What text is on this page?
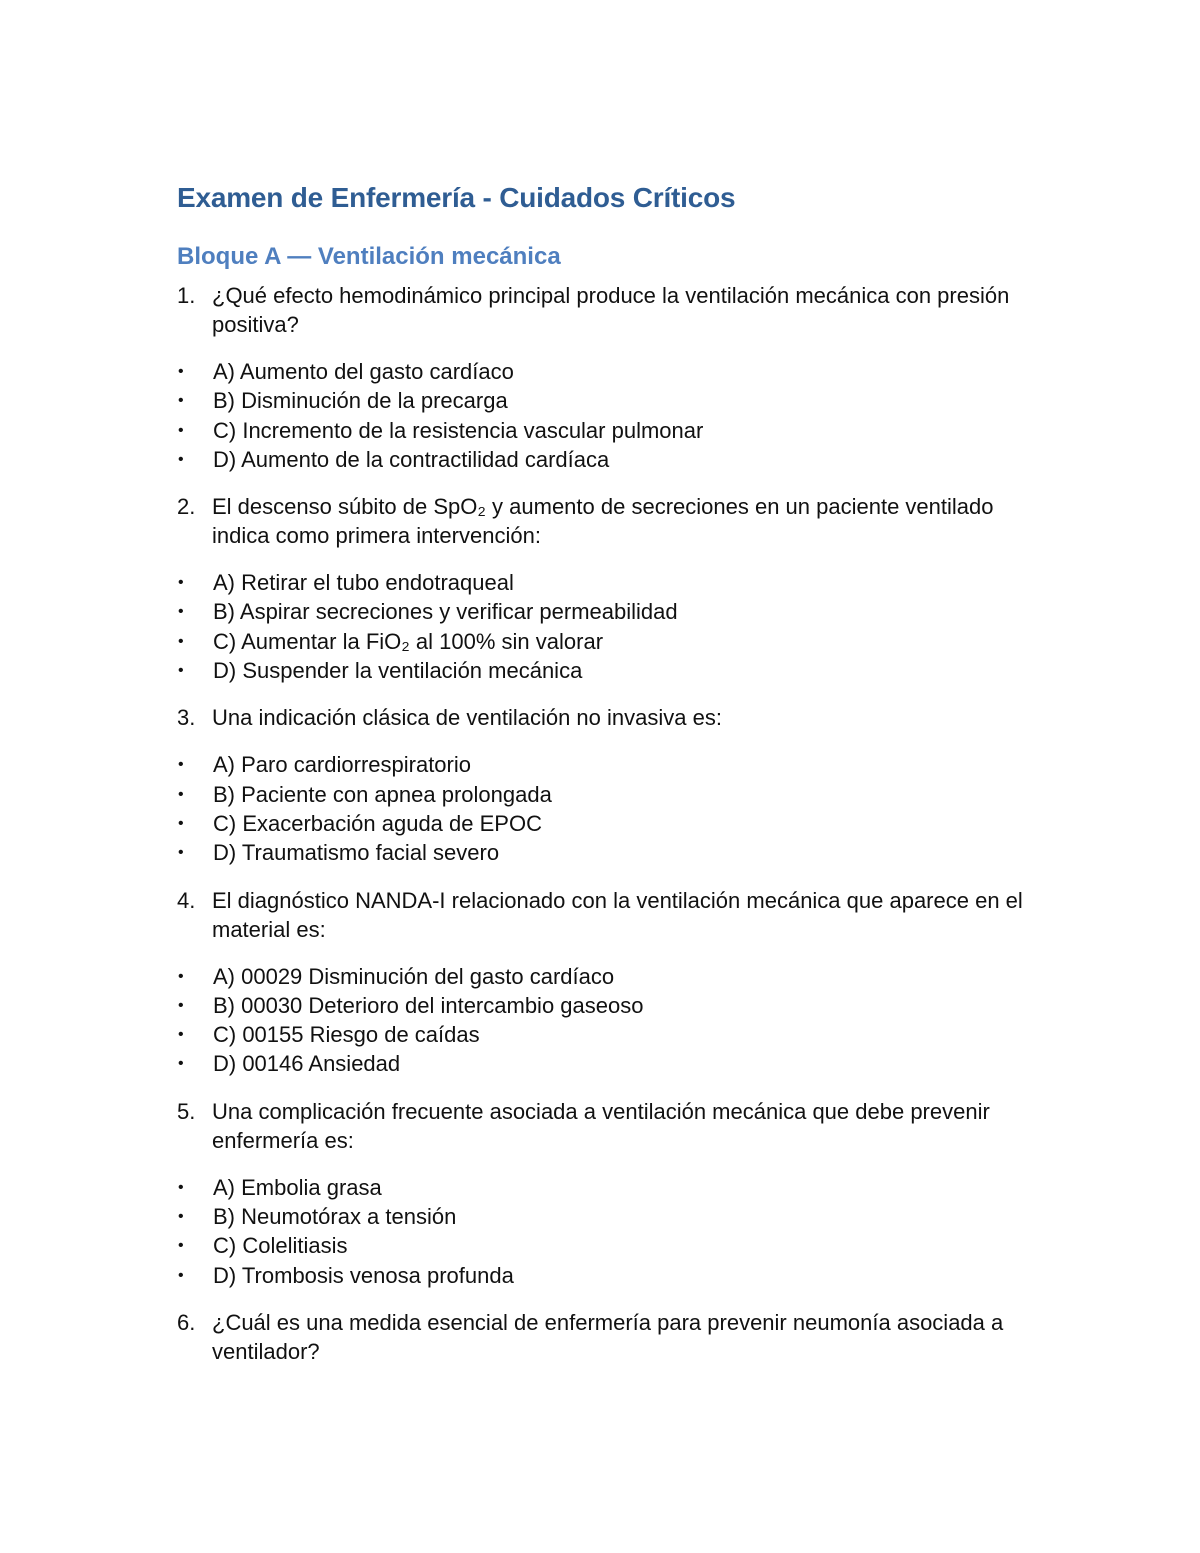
Examen de Enfermería - Cuidados Críticos
Bloque A — Ventilación mecánica
1. ¿Qué efecto hemodinámico principal produce la ventilación mecánica con presión positiva?
•	A) Aumento del gasto cardíaco
•	B) Disminución de la precarga
•	C) Incremento de la resistencia vascular pulmonar
•	D) Aumento de la contractilidad cardíaca
2. El descenso súbito de SpO₂ y aumento de secreciones en un paciente ventilado indica como primera intervención:
•	A) Retirar el tubo endotraqueal
•	B) Aspirar secreciones y verificar permeabilidad
•	C) Aumentar la FiO₂ al 100% sin valorar
•	D) Suspender la ventilación mecánica
3. Una indicación clásica de ventilación no invasiva es:
•	A) Paro cardiorrespiratorio
•	B) Paciente con apnea prolongada
•	C) Exacerbación aguda de EPOC
•	D) Traumatismo facial severo
4. El diagnóstico NANDA-I relacionado con la ventilación mecánica que aparece en el material es:
•	A) 00029 Disminución del gasto cardíaco
•	B) 00030 Deterioro del intercambio gaseoso
•	C) 00155 Riesgo de caídas
•	D) 00146 Ansiedad
5. Una complicación frecuente asociada a ventilación mecánica que debe prevenir enfermería es:
•	A) Embolia grasa
•	B) Neumotórax a tensión
•	C) Colelitiasis
•	D) Trombosis venosa profunda
6. ¿Cuál es una medida esencial de enfermería para prevenir neumonía asociada a ventilador?
